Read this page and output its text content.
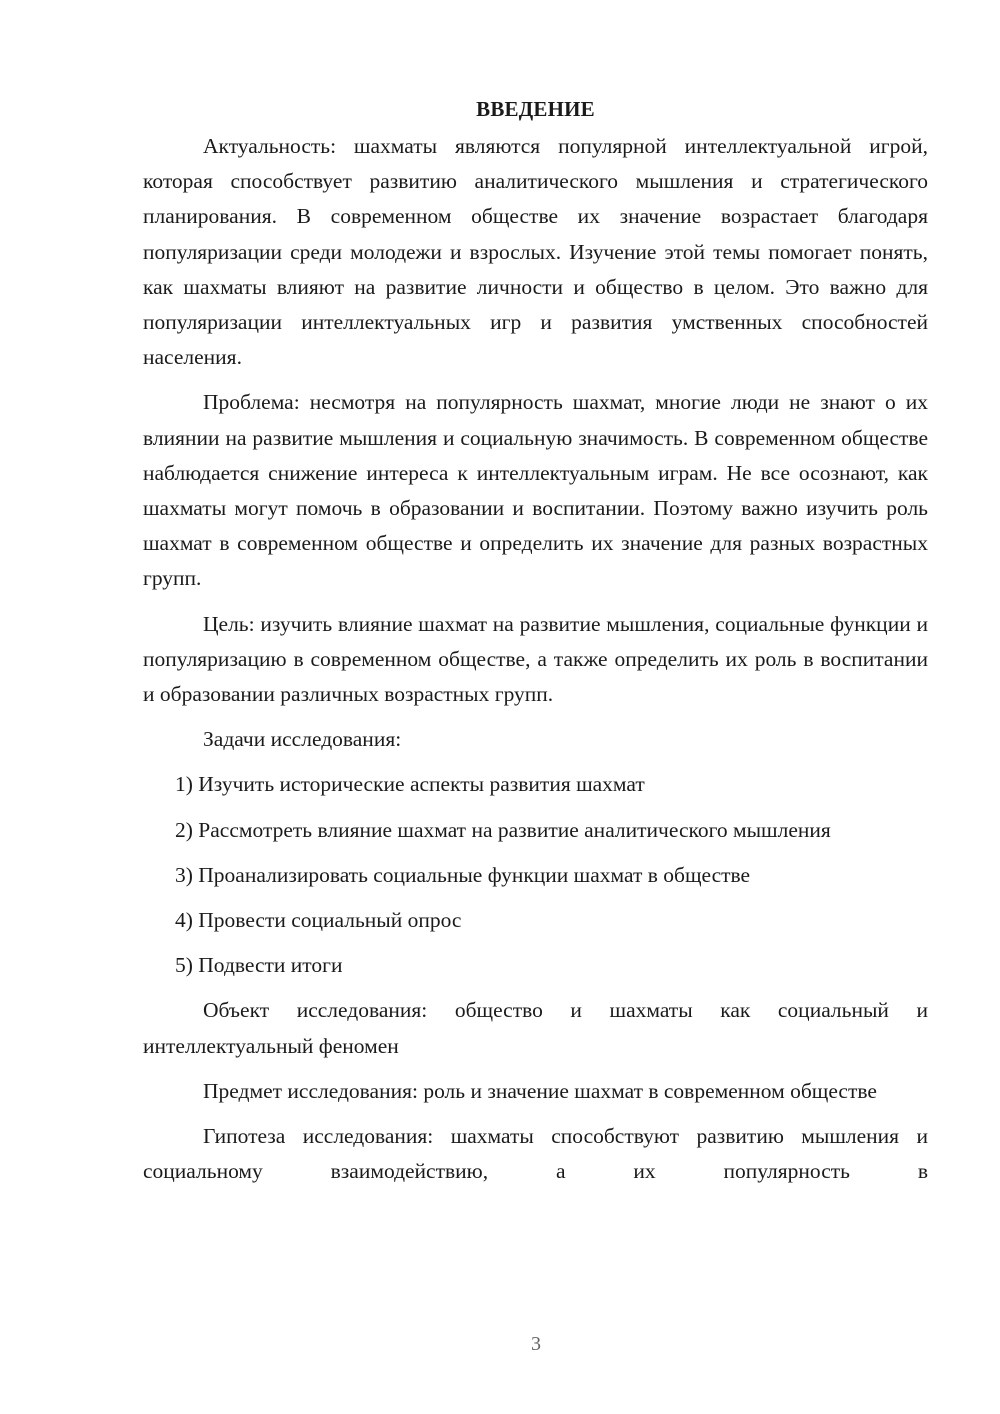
ВВЕДЕНИЕ

Актуальность: шахматы являются популярной интеллектуальной игрой, которая способствует развитию аналитического мышления и стратегического планирования. В современном обществе их значение возрастает благодаря популяризации среди молодежи и взрослых. Изучение этой темы помогает понять, как шахматы влияют на развитие личности и общество в целом. Это важно для популяризации интеллектуальных игр и развития умственных способностей населения.

Проблема: несмотря на популярность шахмат, многие люди не знают о их влиянии на развитие мышления и социальную значимость. В современном обществе наблюдается снижение интереса к интеллектуальным играм. Не все осознают, как шахматы могут помочь в образовании и воспитании. Поэтому важно изучить роль шахмат в современном обществе и определить их значение для разных возрастных групп.

Цель: изучить влияние шахмат на развитие мышления, социальные функции и популяризацию в современном обществе, а также определить их роль в воспитании и образовании различных возрастных групп.

Задачи исследования:

1) Изучить исторические аспекты развития шахмат

2) Рассмотреть влияние шахмат на развитие аналитического мышления

3) Проанализировать социальные функции шахмат в обществе

4) Провести социальный опрос

5) Подвести итоги

Объект исследования: общество и шахматы как социальный и интеллектуальный феномен

Предмет исследования: роль и значение шахмат в современном обществе

Гипотеза исследования: шахматы способствуют развитию мышления и социальному взаимодействию, а их популярность в

3
